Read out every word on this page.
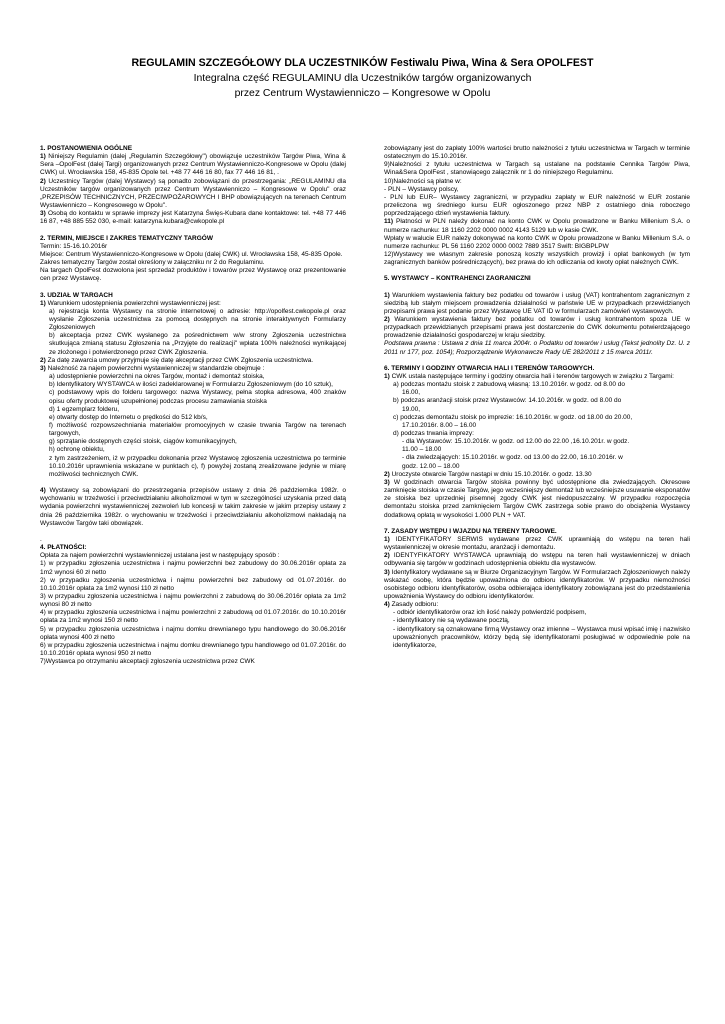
REGULAMIN SZCZEGÓŁOWY DLA UCZESTNIKÓW Festiwalu Piwa, Wina & Sera OPOLFEST
Integralna część REGULAMINU dla Uczestników targów organizowanych
przez Centrum Wystawienniczo – Kongresowe w Opolu

1. POSTANOWIENIA OGÓLNE

1) Niniejszy Regulamin (dalej „Regulamin Szczegółowy") obowiązuje uczestników Targów Piwa, Wina & Sera –OpolFest (dalej Targi) organizowanych przez Centrum Wystawienniczo-Kongresowe w Opolu (dalej CWK) ul. Wrocławska 158, 45-835 Opole tel. +48 77 446 16 80, fax 77 446 16 81, .

2) Uczestnicy Targów (dalej Wystawcy) są ponadto zobowiązani do przestrzegania: „REGULAMINU dla Uczestników targów organizowanych przez Centrum Wystawienniczo – Kongresowe w Opolu" oraz „PRZEPISÓW TECHNICZNYCH, PRZECIWPOŻAROWYCH I BHP obowiązujących na terenach Centrum Wystawienniczo – Kongresowego w Opolu".

3) Osobą do kontaktu w sprawie imprezy jest Katarzyna Święs-Kubara dane kontaktowe: tel. +48 77 446 16 87, +48 885 552 030, e-mail: katarzyna.kubara@cwkopole.pl

2. TERMIN, MIEJSCE I ZAKRES TEMATYCZNY TARGÓW

Termin: 15-16.10.2016r

Miejsce: Centrum Wystawienniczo-Kongresowe w Opolu (dalej CWK) ul. Wrocławska 158, 45-835 Opole.

Zakres tematyczny Targów został określony w załączniku nr 2 do Regulaminu.

Na targach OpolFest dozwolona jest sprzedaż produktów i towarów przez Wystawcę oraz prezentowanie cen przez Wystawcę.

3. UDZIAŁ W TARGACH

1) Warunkiem udostępnienia powierzchni wystawienniczej jest:

a) rejestracja konta Wystawcy na stronie internetowej o adresie: http://opolfest.cwkopole.pl oraz wysłanie Zgłoszenia uczestnictwa za pomocą dostępnych na stronie interaktywnych Formularzy Zgłoszeniowych

b) akceptacja przez CWK wysłanego za pośrednictwem w/w strony Zgłoszenia uczestnictwa skutkująca zmianą statusu Zgłoszenia na „Przyjęte do realizacji" wpłata 100% należności wynikającej ze złożonego i potwierdzonego przez CWK Zgłoszenia.

2) Za datę zawarcia umowy przyjmuje się datę akceptacji przez CWK Zgłoszenia uczestnictwa.

3) Należność za najem powierzchni wystawienniczej w standardzie obejmuje :

a) udostępnienie powierzchni na okres Targów, montaż i demontaż stoiska,

b) Identyfikatory WYSTAWCA w ilości zadeklarowanej w Formularzu Zgłoszeniowym (do 10 sztuk),

c) podstawowy wpis do folderu targowego: nazwa Wystawcy, pełna stopka adresowa, 400 znaków opisu oferty produktowej uzupełnionej podczas procesu zamawiania stoiska

d) 1 egzemplarz folderu,

e) otwarty dostęp do Internetu o prędkości do 512 kb/s,

f) możliwość rozpowszechniania materiałów promocyjnych w czasie trwania Targów na terenach targowych,

g) sprzątanie dostępnych części stoisk, ciągów komunikacyjnych,

h) ochronę obiektu,

z tym zastrzeżeniem, iż w przypadku dokonania przez Wystawcę zgłoszenia uczestnictwa po terminie 10.10.2016r uprawnienia wskazane w punktach c), f) powyżej zostaną zrealizowane jedynie w miarę możliwości technicznych CWK.

4) Wystawcy są zobowiązani do przestrzegania przepisów ustawy z dnia 26 października 1982r. o wychowaniu w trzeźwości i przeciwdziałaniu alkoholizmowi w tym w szczególności uzyskania przed datą wydania powierzchni wystawienniczej zezwoleń lub koncesji w takim zakresie w jakim przepisy ustawy z dnia 26 października 1982r. o wychowaniu w trzeźwości i przeciwdziałaniu alkoholizmowi nakładają na Wystawców Targów taki obowiązek.

.

4. PŁATNOŚCI:

Opłata za najem powierzchni wystawienniczej ustalana jest w następujący sposób :

1) w przypadku zgłoszenia uczestnictwa i najmu powierzchni bez zabudowy do 30.06.2016r opłata za 1m2 wynosi 60 zł netto

2) w przypadku zgłoszenia uczestnictwa i najmu powierzchni bez zabudowy od 01.07.2016r. do 10.10.2016r opłata za 1m2 wynosi 110 zł netto

3) w przypadku zgłoszenia uczestnictwa i najmu powierzchni z zabudową do 30.06.2016r opłata za 1m2 wynosi 80 zł netto

4) w przypadku zgłoszenia uczestnictwa i najmu powierzchni z zabudową od 01.07.2016r. do 10.10.2016r opłata za 1m2 wynosi 150 zł netto

5) w przypadku zgłoszenia uczestnictwa i najmu domku drewnianego typu handlowego do 30.06.2016r opłata wynosi 400 zł netto

6) w przypadku zgłoszenia uczestnictwa i najmu domku drewnianego typu handlowego od 01.07.2016r. do 10.10.2016r opłata wynosi 950 zł netto

7)Wystawca po otrzymaniu akceptacji zgłoszenia uczestnictwa przez CWK

zobowiązany jest do zapłaty 100% wartości brutto należności z tytułu uczestnictwa w Targach w terminie ostatecznym do 15.10.2016r.

9)Należności z tytułu uczestnictwa w Targach są ustalane na podstawie Cennika Targów Piwa, Wina&Sera OpolFest , stanowiącego załącznik nr 1 do niniejszego Regulaminu.

10)Należności są płatne w:

- PLN – Wystawcy polscy,

- PLN lub EUR– Wystawcy zagraniczni, w przypadku zapłaty w EUR należność w EUR zostanie przeliczona wg średniego kursu EUR ogłoszonego przez NBP z ostatniego dnia roboczego poprzedzającego dzień wystawienia faktury.

11) Płatności w PLN należy dokonać na konto CWK w Opolu prowadzone w Banku Millenium S.A. o numerze rachunku: 18 1160 2202 0000 0002 4143 5129 lub w kasie CWK.

Wpłaty w walucie EUR należy dokonywać na konto CWK w Opolu prowadzone w Banku Millenium S.A. o numerze rachunku: PL 56 1160 2202 0000 0002 7889 3517 Swift: BIGBPLPW

12)Wystawcy we własnym zakresie ponoszą koszty wszystkich prowizji i opłat bankowych (w tym zagranicznych banków pośredniczących), bez prawa do ich odliczania od kwoty opłat należnych CWK.

5. WYSTAWCY – KONTRAHENCI ZAGRANICZNI

1) Warunkiem wystawienia faktury bez podatku od towarów i usług (VAT) kontrahentom zagranicznym z siedzibą lub stałym miejscem prowadzenia działalności w państwie UE w przypadkach przewidzianych przepisami prawa jest podanie przez Wystawcę UE VAT ID w formularzach zamówień wystawowych.

2) Warunkiem wystawienia faktury bez podatku od towarów i usług kontrahentom spoza UE w przypadkach przewidzianych przepisami prawa jest dostarczenie do CWK dokumentu potwierdzającego prowadzenie działalności gospodarczej w kraju siedziby.

Podstawa prawna : Ustawa z dnia 11 marca 2004r. o Podatku od towarów i usług (Tekst jednolity Dz. U. z 2011 nr 177, poz. 1054); Rozporządzenie Wykonawcze Rady UE 282/2011 z 15 marca 2011r.

6. TERMINY I GODZINY OTWARCIA HALI I TERENÓW TARGOWYCH.

1) CWK ustala następujące terminy i godziny otwarcia hali i terenów targowych w związku z Targami:

a) podczas montażu stoisk z zabudową własną: 13.10.2016r. w godz. od 8.00 do

16.00,

b) podczas aranżacji stoisk przez Wystawców: 14.10.2016r. w godz. od 8.00 do

19.00,

c) podczas demontażu stoisk po imprezie: 16.10.2016r. w godz. od 18.00 do 20.00,

17.10.2016r. 8.00 – 16.00

d) podczas trwania imprezy:

- dla Wystawców: 15.10.2016r. w godz. od 12.00 do 22.00 ,16.10.201r. w godz.

11.00 – 18.00

- dla zwiedzających: 15.10.2016r. w godz. od 13.00 do 22.00, 16.10.2016r. w

godz. 12.00 – 18.00

2) Uroczyste otwarcie Targów nastąpi w dniu 15.10.2016r. o godz. 13.30

3) W godzinach otwarcia Targów stoiska powinny być udostępnione dla zwiedzających. Okresowe zamknięcie stoiska w czasie Targów, jego wcześniejszy demontaż lub wcześniejsze usuwanie eksponatów ze stoiska bez uprzedniej pisemnej zgody CWK jest niedopuszczalny. W przypadku rozpoczęcia demontażu stoiska przed zamknięciem Targów CWK zastrzega sobie prawo do obciążenia Wystawcy dodatkową opłatą w wysokości 1.000 PLN + VAT.

7. ZASADY WSTĘPU I WJAZDU NA TERENY TARGOWE.

1) IDENTYFIKATORY SERWIS wydawane przez CWK uprawniają do wstępu na teren hali wystawienniczej w okresie montażu, aranżacji i demontażu.

2) IDENTYFIKATORY WYSTAWCA uprawniają do wstępu na teren hali wystawienniczej w dniach odbywania się targów w godzinach udostępnienia obiektu dla wystawców.

3) Identyfikatory wydawane są w Biurze Organizacyjnym Targów. W Formularzach Zgłoszeniowych należy wskazać osobę, która będzie upoważniona do odbioru identyfikatorów. W przypadku niemożności osobistego odbioru identyfikatorów, osoba odbierająca identyfikatory zobowiązana jest do przedstawienia upoważnienia Wystawcy do odbioru identyfikatorów.

4) Zasady odbioru:

- odbiór identyfikatorów oraz ich ilość należy potwierdzić podpisem,

- identyfikatory nie są wydawane pocztą,

- identyfikatory są oznakowane firmą Wystawcy oraz imienne – Wystawca musi wpisać imię i nazwisko upoważnionych pracowników, którzy będą się identyfikatorami posługiwać w odpowiednie pole na identyfikatorze,
